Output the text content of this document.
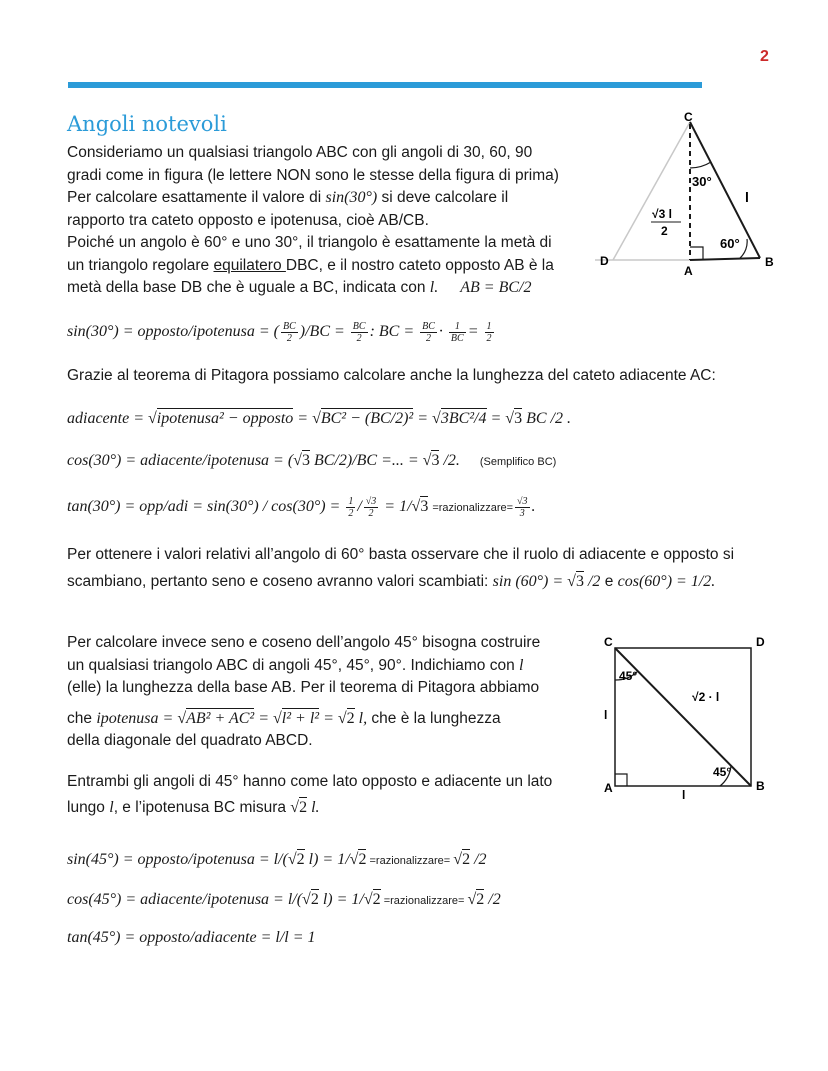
2
Angoli notevoli
Consideriamo un qualsiasi triangolo ABC con gli angoli di 30, 60, 90
gradi come in figura (le lettere NON sono le stesse della figura di prima)
Per calcolare esattamente il valore di sin(30°) si deve calcolare il
rapporto tra cateto opposto e ipotenusa, cioè AB/CB.
Poiché un angolo è 60° e uno 30°, il triangolo è esattamente la metà di
un triangolo regolare equilatero DBC, e il nostro cateto opposto AB è la
metà della base DB che è uguale a BC, indicata con l. AB = BC/2
C
D
A
B
30°
60°
l
√3 l
2
sin(30°) = opposto/ipotenusa = ( $\frac{BC}{2} )/BC = \frac{BC}{2}$ : BC = $\frac{BC}{2} \cdot \frac{1}{BC} = \frac{1}{2}$
Grazie al teorema di Pitagora possiamo calcolare anche la lunghezza del cateto adiacente AC:
adiacente = √ipotenusa² − opposto = √BC² − (BC/2)² = √3BC²/4 = √3 BC /2 .
cos(30°) = adiacente/ipotenusa = (√3 BC/2)/BC =... = √3 /2. (Semplifico BC)
$\tan(30^\circ) = opp/adi = \sin(30^\circ) / \cos(30^\circ) = \frac{1}{2} / \frac{√3}{2} = 1/√3$ =razionalizzare= $\frac{√3}{3}$ .
Per ottenere i valori relativi all’angolo di 60° basta osservare che il ruolo di adiacente e opposto si
scambiano, pertanto seno e coseno avranno valori scambiati: sin (60°) = √3 /2 e cos(60°) = 1/2.
Per calcolare invece seno e coseno dell’angolo 45° bisogna costruire
un qualsiasi triangolo ABC di angoli 45°, 45°, 90°. Indichiamo con l
(elle) la lunghezza della base AB. Per il teorema di Pitagora abbiamo
che ipotenusa = √AB² + AC² = √l² + l² = √2 l, che è la lunghezza
della diagonale del quadrato ABCD.
Entrambi gli angoli di 45° hanno come lato opposto e adiacente un lato
lungo l, e l’ipotenusa BC misura √2 l.
C	D
A	B
45°
45°
√2 · l
l
l
sin(45°) = opposto/ipotenusa = l/(√2 l) = 1/√2 =razionalizzare= √2 /2
cos(45°) = adiacente/ipotenusa = l/(√2 l) = 1/√2 =razionalizzare= √2 /2
tan(45°) = opposto/adiacente = l/l = 1
